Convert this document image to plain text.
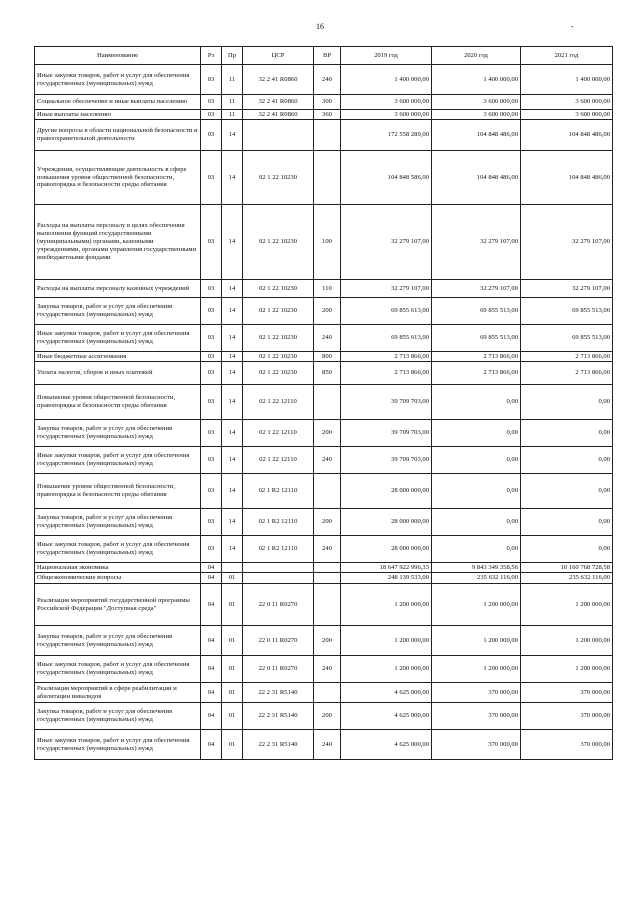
16	-
Наименование	Рз	Пр	ЦСР	ВР	2019 год	2020 год	2021 год
Иные закупки товаров, работ и услуг для обеспечения государственных (муниципальных) нужд	03	11	32 2 41 R0860	240	1 400 000,00	1 400 000,00	1 400 000,00
Социальное обеспечение и иные выплаты населению	03	11	32 2 41 R0860	300	3 600 000,00	3 600 000,00	3 600 000,00
Иные выплаты населению	03	11	32 2 41 R0860	360	3 600 000,00	3 600 000,00	3 600 000,00
Другие вопросы в области национальной безопасности и правоохранительной деятельности	03	14			172 558 289,00	104 848 486,00	104 848 486,00
Учреждения, осуществляющие деятельность в сфере повышения уровня общественной безопасности, правопорядка и безопасности среды обитания	03	14	02 1 22 10230		104 848 586,00	104 848 486,00	104 848 486,00
Расходы на выплаты персоналу в целях обеспечения выполнения функций государственными (муниципальными) органами, казенными учреждениями, органами управления государственными внебюджетными фондами	03	14	02 1 22 10230	100	32 279 107,00	32 279 107,00	32 279 107,00
Расходы на выплаты персоналу казенных учреждений	03	14	02 1 22 10230	110	32 279 107,00	32 279 107,00	32 279 107,00
Закупка товаров, работ и услуг для обеспечения государственных (муниципальных) нужд	03	14	02 1 22 10230	200	69 855 613,00	69 855 513,00	69 855 513,00
Иные закупки товаров, работ и услуг для обеспечения государственных (муниципальных) нужд	03	14	02 1 22 10230	240	69 855 613,00	69 855 513,00	69 855 513,00
Иные бюджетные ассигнования	03	14	02 1 22 10230	800	2 713 866,00	2 713 866,00	2 713 866,00
Уплата налогов, сборов и иных платежей	03	14	02 1 22 10230	850	2 713 866,00	2 713 866,00	2 713 866,00
Повышение уровня общественной безопасности, правопорядка и безопасности среды обитания	03	14	02 1 22 12110		39 709 703,00	0,00	0,00
Закупка товаров, работ и услуг для обеспечения государственных (муниципальных) нужд	03	14	02 1 22 12110	200	39 709 703,00	0,00	0,00
Иные закупки товаров, работ и услуг для обеспечения государственных (муниципальных) нужд	03	14	02 1 22 12110	240	39 709 703,00	0,00	0,00
Повышение уровня общественной безопасности, правопорядка и безопасности среды обитания	03	14	02 1 R2 12110		28 000 000,00	0,00	0,00
Закупка товаров, работ и услуг для обеспечения государственных (муниципальных) нужд	03	14	02 1 R2 12110	200	28 000 000,00	0,00	0,00
Иные закупки товаров, работ и услуг для обеспечения государственных (муниципальных) нужд	03	14	02 1 R2 12110	240	28 000 000,00	0,00	0,00
Национальная экономика	04				18 647 922 996,33	9 843 349 358,56	10 160 768 728,58
Общеэкономические вопросы	04	01			248 139 533,00	235 632 116,00	235 632 116,00
Реализация мероприятий государственной программы Российской Федерации "Доступная среда"	04	01	22 0 11 R0270		1 200 000,00	1 200 000,00	1 200 000,00
Закупка товаров, работ и услуг для обеспечения государственных (муниципальных) нужд	04	01	22 0 11 R0270	200	1 200 000,00	1 200 000,00	1 200 000,00
Иные закупки товаров, работ и услуг для обеспечения государственных (муниципальных) нужд	04	01	22 0 11 R0270	240	1 200 000,00	1 200 000,00	1 200 000,00
Реализация мероприятий в сфере реабилитации и абилитации инвалидов	04	01	22 2 31 R5140		4 625 000,00	370 000,00	370 000,00
Закупка товаров, работ и услуг для обеспечения государственных (муниципальных) нужд	04	01	22 2 31 R5140	200	4 625 000,00	370 000,00	370 000,00
Иные закупки товаров, работ и услуг для обеспечения государственных (муниципальных) нужд	04	01	22 2 31 R5140	240	4 625 000,00	370 000,00	370 000,00
